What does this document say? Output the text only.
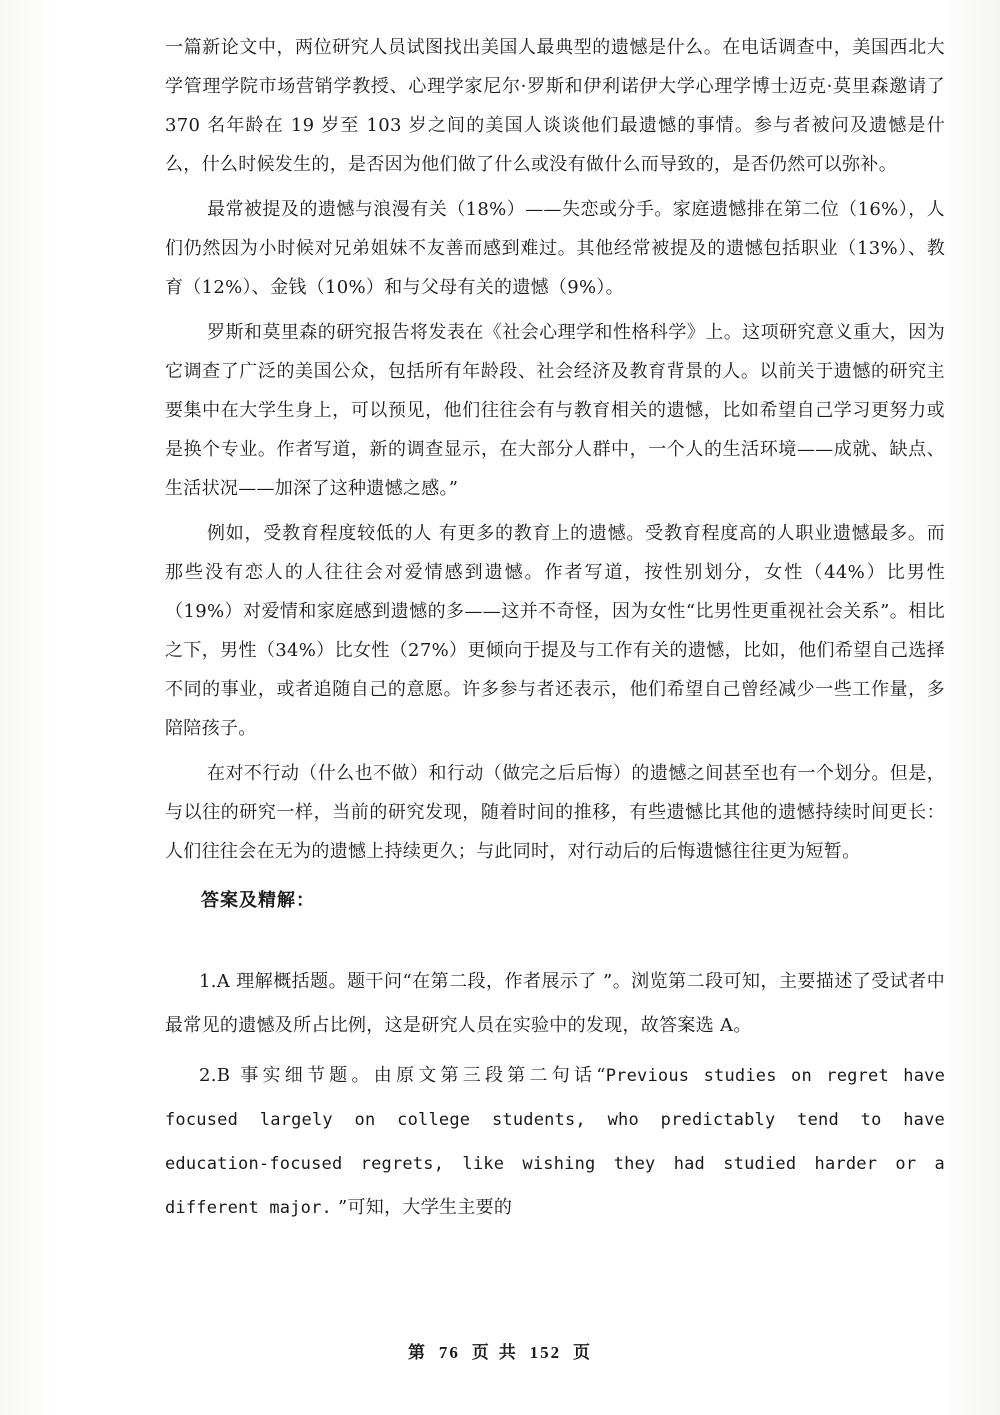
一篇新论文中，两位研究人员试图找出美国人最典型的遗憾是什么。在电话调查中，美国西北大学管理学院市场营销学教授、心理学家尼尔·罗斯和伊利诺伊大学心理学博士迈克·莫里森邀请了 370 名年龄在 19 岁至 103 岁之间的美国人谈谈他们最遗憾的事情。参与者被问及遗憾是什么，什么时候发生的，是否因为他们做了什么或没有做什么而导致的，是否仍然可以弥补。

最常被提及的遗憾与浪漫有关（18%）——失恋或分手。家庭遗憾排在第二位（16%），人们仍然因为小时候对兄弟姐妹不友善而感到难过。其他经常被提及的遗憾包括职业（13%）、教育（12%）、金钱（10%）和与父母有关的遗憾（9%）。

罗斯和莫里森的研究报告将发表在《社会心理学和性格科学》上。这项研究意义重大，因为它调查了广泛的美国公众，包括所有年龄段、社会经济及教育背景的人。以前关于遗憾的研究主要集中在大学生身上，可以预见，他们往往会有与教育相关的遗憾，比如希望自己学习更努力或是换个专业。作者写道，新的调查显示，在大部分人群中，一个人的生活环境——成就、缺点、生活状况——加深了这种遗憾之感。”

例如，受教育程度较低的人 有更多的教育上的遗憾。受教育程度高的人职业遗憾最多。而那些没有恋人的人往往会对爱情感到遗憾。作者写道，按性别划分，女性（44%）比男性（19%）对爱情和家庭感到遗憾的多——这并不奇怪，因为女性“比男性更重视社会关系”。相比之下，男性（34%）比女性（27%）更倾向于提及与工作有关的遗憾，比如，他们希望自己选择不同的事业，或者追随自己的意愿。许多参与者还表示，他们希望自己曾经减少一些工作量，多陪陪孩子。

在对不行动（什么也不做）和行动（做完之后后悔）的遗憾之间甚至也有一个划分。但是，与以往的研究一样，当前的研究发现，随着时间的推移，有些遗憾比其他的遗憾持续时间更长：人们往往会在无为的遗憾上持续更久；与此同时，对行动后的后悔遗憾往往更为短暂。

答案及精解：

1.A 理解概括题。题干问“在第二段，作者展示了 ”。浏览第二段可知，主要描述了受试者中最常见的遗憾及所占比例，这是研究人员在实验中的发现，故答案选 A。

2.B 事实细节题。由原文第三段第二句话“Previous studies on regret have focused largely on college students, who predictably tend to have education-focused regrets, like wishing they had studied harder or a different major. ”可知，大学生主要的

第 76 页 共 152 页
